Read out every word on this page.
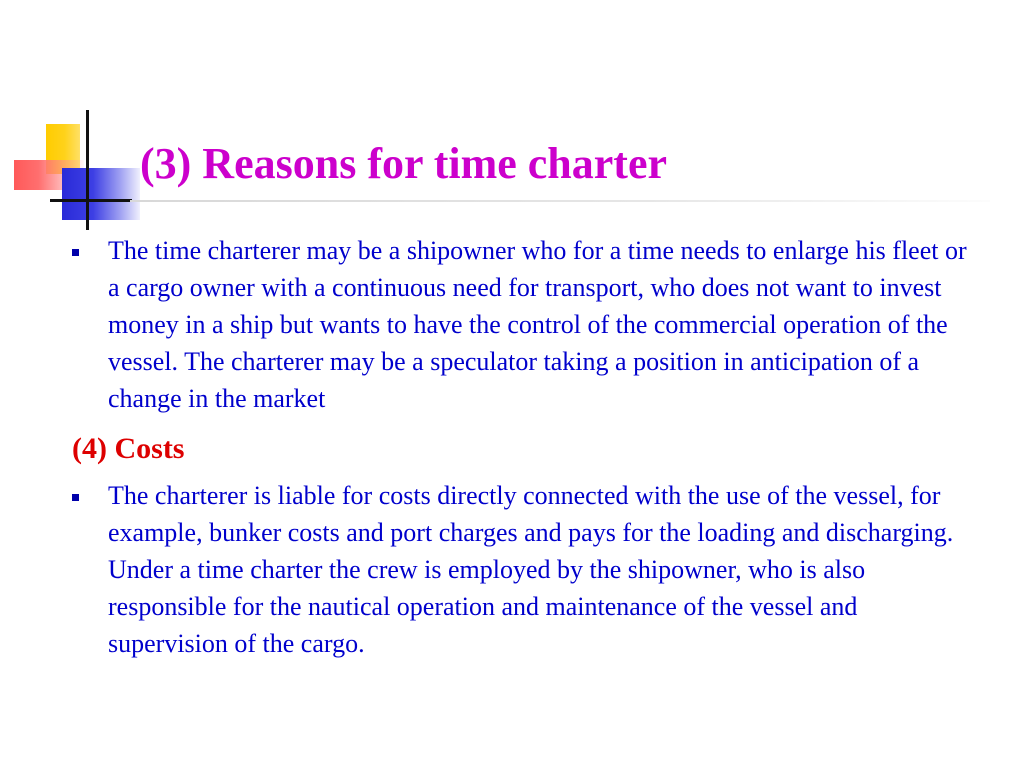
(3) Reasons for time charter
The time charterer may be a shipowner who for a time needs to enlarge his fleet or a cargo owner with a continuous need for transport, who does not want to invest money in a ship but wants to have the control of the commercial operation of the vessel. The charterer may be a speculator taking a position in anticipation of a change in the market
(4) Costs
The charterer is liable for costs directly connected with the use of the vessel, for example, bunker costs and port charges and pays for the loading and discharging. Under a time charter the crew is employed by the shipowner, who is also responsible for the nautical operation and maintenance of the vessel and supervision of the cargo.
